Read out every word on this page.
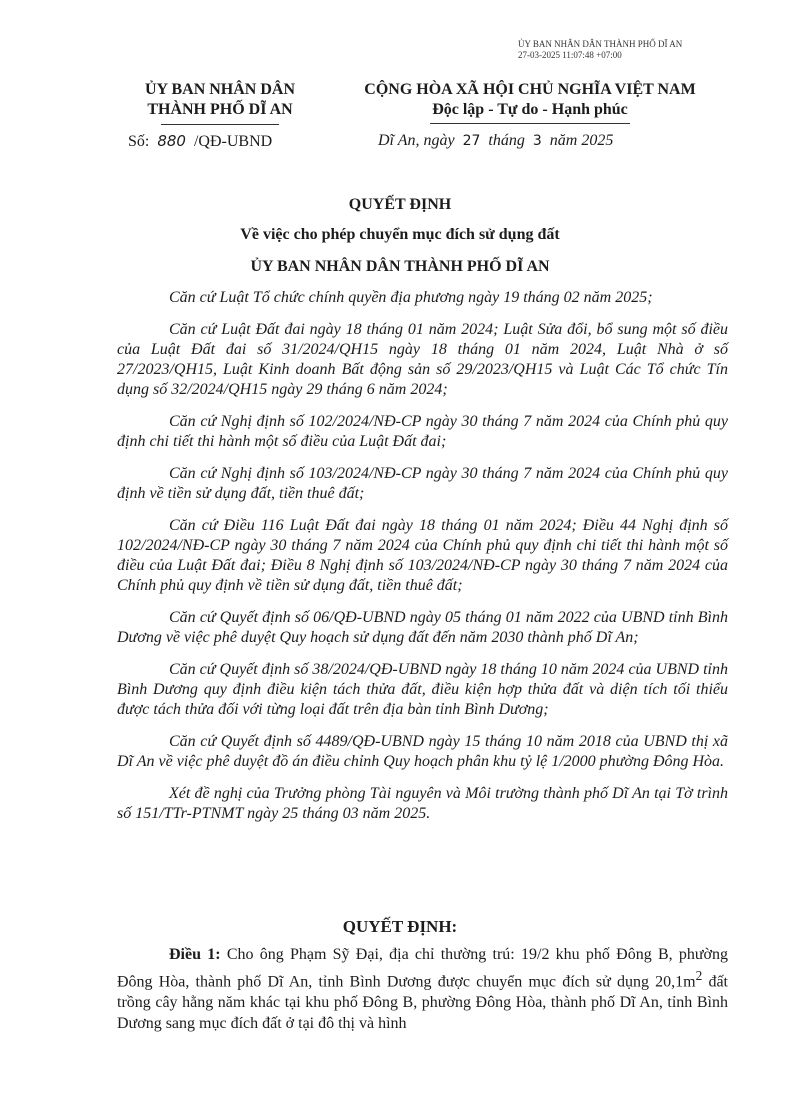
ỦY BAN NHÂN DÂN THÀNH PHỐ DĨ AN
27-03-2025 11:07:48 +07:00
ỦY BAN NHÂN DÂN
THÀNH PHỐ DĨ AN
CỘNG HÒA XÃ HỘI CHỦ NGHĨA VIỆT NAM
Độc lập - Tự do - Hạnh phúc
Số: 880 /QĐ-UBND	Dĩ An, ngày 27 tháng 3 năm 2025
QUYẾT ĐỊNH
Về việc cho phép chuyển mục đích sử dụng đất
ỦY BAN NHÂN DÂN THÀNH PHỐ DĨ AN

Căn cứ Luật Tổ chức chính quyền địa phương ngày 19 tháng 02 năm 2025;

Căn cứ Luật Đất đai ngày 18 tháng 01 năm 2024; Luật Sửa đổi, bổ sung một số điều của Luật Đất đai số 31/2024/QH15 ngày 18 tháng 01 năm 2024, Luật Nhà ở số 27/2023/QH15, Luật Kinh doanh Bất động sản số 29/2023/QH15 và Luật Các Tổ chức Tín dụng số 32/2024/QH15 ngày 29 tháng 6 năm 2024;

Căn cứ Nghị định số 102/2024/NĐ-CP ngày 30 tháng 7 năm 2024 của Chính phủ quy định chi tiết thi hành một số điều của Luật Đất đai;

Căn cứ Nghị định số 103/2024/NĐ-CP ngày 30 tháng 7 năm 2024 của Chính phủ quy định về tiền sử dụng đất, tiền thuê đất;

Căn cứ Điều 116 Luật Đất đai ngày 18 tháng 01 năm 2024; Điều 44 Nghị định số 102/2024/NĐ-CP ngày 30 tháng 7 năm 2024 của Chính phủ quy định chi tiết thi hành một số điều của Luật Đất đai; Điều 8 Nghị định số 103/2024/NĐ-CP ngày 30 tháng 7 năm 2024 của Chính phủ quy định về tiền sử dụng đất, tiền thuê đất;

Căn cứ Quyết định số 06/QĐ-UBND ngày 05 tháng 01 năm 2022 của UBND tỉnh Bình Dương về việc phê duyệt Quy hoạch sử dụng đất đến năm 2030 thành phố Dĩ An;

Căn cứ Quyết định số 38/2024/QĐ-UBND ngày 18 tháng 10 năm 2024 của UBND tỉnh Bình Dương quy định điều kiện tách thửa đất, điều kiện hợp thửa đất và diện tích tối thiểu được tách thửa đối với từng loại đất trên địa bàn tỉnh Bình Dương;

Căn cứ Quyết định số 4489/QĐ-UBND ngày 15 tháng 10 năm 2018 của UBND thị xã Dĩ An về việc phê duyệt đồ án điều chỉnh Quy hoạch phân khu tỷ lệ 1/2000 phường Đông Hòa.

Xét đề nghị của Trưởng phòng Tài nguyên và Môi trường thành phố Dĩ An tại Tờ trình số 151/TTr-PTNMT ngày 25 tháng 03 năm 2025.

QUYẾT ĐỊNH:

Điều 1: Cho ông Phạm Sỹ Đại, địa chỉ thường trú: 19/2 khu phố Đông B, phường Đông Hòa, thành phố Dĩ An, tỉnh Bình Dương được chuyển mục đích sử dụng $20,1m^2$ đất trồng cây hằng năm khác tại khu phố Đông B, phường Đông Hòa, thành phố Dĩ An, tỉnh Bình Dương sang mục đích đất ở tại đô thị và hình
